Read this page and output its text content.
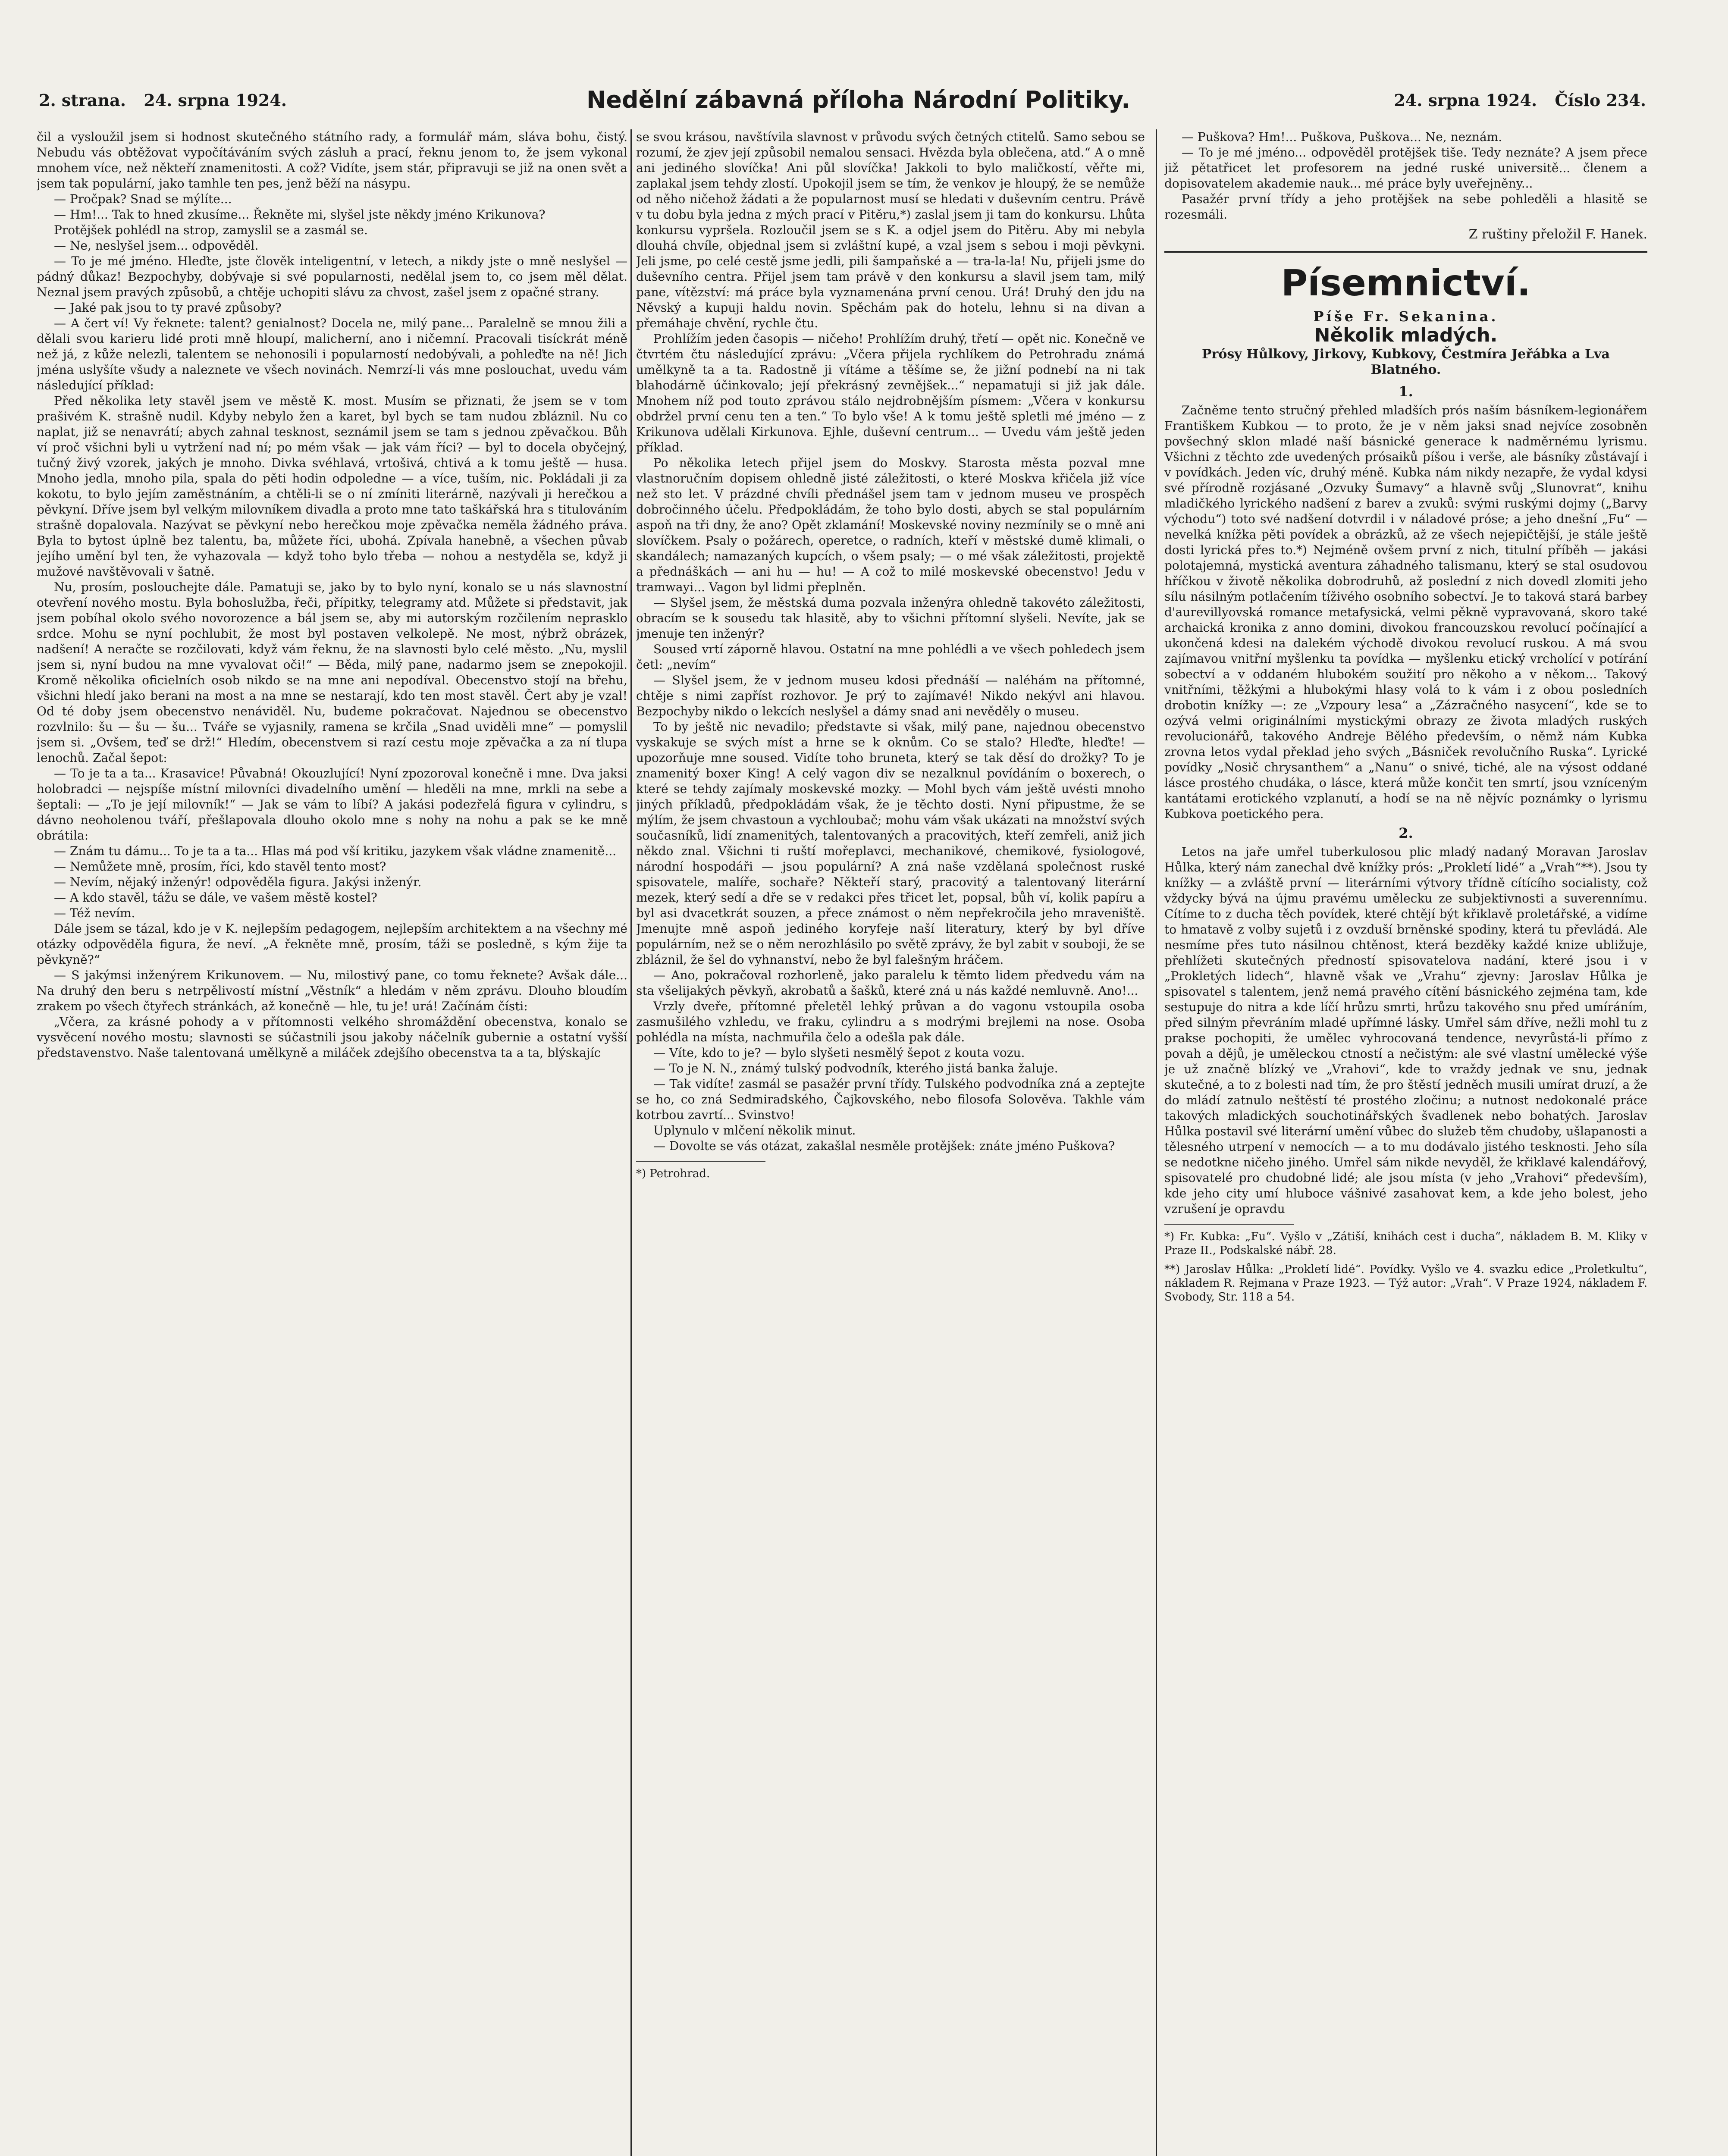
2. strana. 24. srpna 1924.	Nedělní zábavná příloha Národní Politiky.	24. srpna 1924. Číslo 234.

čil a vysloužil jsem si hodnost skutečného státního rady, a formulář mám, sláva bohu, čistý. Nebudu vás obtěžovat vypočítáváním svých zásluh a prací, řeknu jenom to, že jsem vykonal mnohem více, než někteří znamenitosti. A což? Vidíte, jsem stár, připravuji se již na onen svět a jsem tak populární, jako tamhle ten pes, jenž běží na násypu.

— Pročpak? Snad se mýlíte...

— Hm!... Tak to hned zkusíme... Řekněte mi, slyšel jste někdy jméno Krikunova?

Protějšek pohlédl na strop, zamyslil se a zasmál se.

— Ne, neslyšel jsem... odpověděl.

— To je mé jméno. Hleďte, jste člověk inteligentní, v letech, a nikdy jste o mně neslyšel — pádný důkaz! Bezpochyby, dobývaje si své popularnosti, nedělal jsem to, co jsem měl dělat. Neznal jsem pravých způsobů, a chtěje uchopiti slávu za chvost, zašel jsem z opačné strany.

— Jaké pak jsou to ty pravé způsoby?

— A čert ví! Vy řeknete: talent? genialnost? Docela ne, milý pane... Paralelně se mnou žili a dělali svou karieru lidé proti mně hloupí, malicherní, ano i ničemní. Pracovali tisíckrát méně než já, z kůže nelezli, talentem se nehonosili i popularností nedobývali, a pohleďte na ně! Jich jména uslyšíte všudy a naleznete ve všech novinách. Nemrzí-li vás mne poslouchat, uvedu vám následující příklad:

Před několika lety stavěl jsem ve městě K. most. Musím se přiznati, že jsem se v tom prašivém K. strašně nudil. Kdyby nebylo žen a karet, byl bych se tam nudou zbláznil. Nu co naplat, již se nenavrátí; abych zahnal tesknost, seznámil jsem se tam s jednou zpěvačkou. Bůh ví proč všichni byli u vytržení nad ní; po mém však — jak vám říci? — byl to docela obyčejný, tučný živý vzorek, jakých je mnoho. Divka svéhlavá, vrtošivá, chtivá a k tomu ještě — husa. Mnoho jedla, mnoho pila, spala do pěti hodin odpoledne — a více, tuším, nic. Pokládali ji za kokotu, to bylo jejím zaměstnáním, a chtěli-li se o ní zmíniti literárně, nazývali ji herečkou a pěvkyní. Dříve jsem byl velkým milovníkem divadla a proto mne tato taškářská hra s titulováním strašně dopalovala. Nazývat se pěvkyní nebo herečkou moje zpěvačka neměla žádného práva. Byla to bytost úplně bez talentu, ba, můžete říci, ubohá. Zpívala hanebně, a všechen půvab jejího umění byl ten, že vyhazovala — když toho bylo třeba — nohou a nestyděla se, když ji mužové navštěvovali v šatně.

Nu, prosím, poslouchejte dále. Pamatuji se, jako by to bylo nyní, konalo se u nás slavnostní otevření nového mostu. Byla bohoslužba, řeči, přípitky, telegramy atd. Můžete si představit, jak jsem pobíhal okolo svého novorozence a bál jsem se, aby mi autorským rozčilením neprasklo srdce. Mohu se nyní pochlubit, že most byl postaven velkolepě. Ne most, nýbrž obrázek, nadšení! A neračte se rozčilovati, když vám řeknu, že na slavnosti bylo celé město. „Nu, myslil jsem si, nyní budou na mne vyvalovat oči!“ — Běda, milý pane, nadarmo jsem se znepokojil. Kromě několika oficielních osob nikdo se na mne ani nepodíval. Obecenstvo stojí na břehu, všichni hledí jako berani na most a na mne se nestarají, kdo ten most stavěl. Čert aby je vzal! Od té doby jsem obecenstvo nenáviděl. Nu, budeme pokračovat. Najednou se obecenstvo rozvlnilo: šu — šu — šu... Tváře se vyjasnily, ramena se krčila „Snad uviděli mne“ — pomyslil jsem si. „Ovšem, teď se drž!“ Hledím, obecenstvem si razí cestu moje zpěvačka a za ní tlupa lenochů. Začal šepot:

— To je ta a ta... Krasavice! Půvabná! Okouzlující! Nyní zpozoroval konečně i mne. Dva jaksi holobradci — nejspíše místní milovníci divadelního umění — hleděli na mne, mrkli na sebe a šeptali: — „To je její milovník!“ — Jak se vám to líbí? A jakási podezřelá figura v cylindru, s dávno neoholenou tváří, přešlapovala dlouho okolo mne s nohy na nohu a pak se ke mně obrátila:

— Znám tu dámu... To je ta a ta... Hlas má pod vší kritiku, jazykem však vládne znamenitě...

— Nemůžete mně, prosím, říci, kdo stavěl tento most?

— Nevím, nějaký inženýr! odpověděla figura. Jakýsi inženýr.

— A kdo stavěl, tážu se dále, ve vašem městě kostel?

— Též nevím.

Dále jsem se tázal, kdo je v K. nejlepším pedagogem, nejlepším architektem a na všechny mé otázky odpověděla figura, že neví. „A řekněte mně, prosím, táži se posledně, s kým žije ta pěvkyně?“

— S jakýmsi inženýrem Krikunovem. — Nu, milostivý pane, co tomu řeknete? Avšak dále... Na druhý den beru s netrpělivostí místní „Věstník“ a hledám v něm zprávu. Dlouho bloudím zrakem po všech čtyřech stránkách, až konečně — hle, tu je! urá! Začínám čísti:

„Včera, za krásné pohody a v přítomnosti velkého shromáždění obecenstva, konalo se vysvěcení nového mostu; slavnosti se súčastnili jsou jakoby náčelník gubernie a ostatní vyšší představenstvo. Naše talentovaná umělkyně a miláček zdejšího obecenstva ta a ta, blýskajíc

se svou krásou, navštívila slavnost v průvodu svých četných ctitelů. Samo sebou se rozumí, že zjev její způsobil nemalou sensaci. Hvězda byla oblečena, atd.“ A o mně ani jediného slovíčka! Ani půl slovíčka! Jakkoli to bylo maličkostí, věřte mi, zaplakal jsem tehdy zlostí. Upokojil jsem se tím, že venkov je hloupý, že se nemůže od něho ničehož žádati a že popularnost musí se hledati v duševním centru. Právě v tu dobu byla jedna z mých prací v Pitěru,*) zaslal jsem ji tam do konkursu. Lhůta konkursu vypršela. Rozloučil jsem se s K. a odjel jsem do Pitěru. Aby mi nebyla dlouhá chvíle, objednal jsem si zvláštní kupé, a vzal jsem s sebou i moji pěvkyni. Jeli jsme, po celé cestě jsme jedli, pili šampaňské a — tra-la-la! Nu, přijeli jsme do duševního centra. Přijel jsem tam právě v den konkursu a slavil jsem tam, milý pane, vítězství: má práce byla vyznamenána první cenou. Urá! Druhý den jdu na Něvský a kupuji haldu novin. Spěchám pak do hotelu, lehnu si na divan a přemáhaje chvění, rychle čtu.

Prohlížím jeden časopis — ničeho! Prohlížím druhý, třetí — opět nic. Konečně ve čtvrtém čtu následující zprávu: „Včera přijela rychlíkem do Petrohradu známá umělkyně ta a ta. Radostně ji vítáme a těšíme se, že jižní podnebí na ni tak blahodárně účinkovalo; její překrásný zevnějšek...“ nepamatuji si již jak dále. Mnohem níž pod touto zprávou stálo nejdrobnějším písmem: „Včera v konkursu obdržel první cenu ten a ten.“ To bylo vše! A k tomu ještě spletli mé jméno — z Krikunova udělali Kirkunova. Ejhle, duševní centrum... — Uvedu vám ještě jeden příklad.

Po několika letech přijel jsem do Moskvy. Starosta města pozval mne vlastnoručním dopisem ohledně jisté záležitosti, o které Moskva křičela již více než sto let. V prázdné chvíli přednášel jsem tam v jednom museu ve prospěch dobročinného účelu. Předpokládám, že toho bylo dosti, abych se stal populárním aspoň na tři dny, že ano? Opět zklamání! Moskevské noviny nezmínily se o mně ani slovíčkem. Psaly o požárech, operetce, o radních, kteří v městské dumě klimali, o skandálech; namazaných kupcích, o všem psaly; — o mé však záležitosti, projektě a přednáškách — ani hu — hu! — A což to milé moskevské obecenstvo! Jedu v tramwayi... Vagon byl lidmi přeplněn.

— Slyšel jsem, že městská duma pozvala inženýra ohledně takovéto záležitosti, obracím se k sousedu tak hlasitě, aby to všichni přítomní slyšeli. Nevíte, jak se jmenuje ten inženýr?

Soused vrtí záporně hlavou. Ostatní na mne pohlédli a ve všech pohledech jsem četl: „nevím“

— Slyšel jsem, že v jednom museu kdosi přednáší — naléhám na přítomné, chtěje s nimi zapříst rozhovor. Je prý to zajímavé! Nikdo nekývl ani hlavou. Bezpochyby nikdo o lekcích neslyšel a dámy snad ani nevěděly o museu.

To by ještě nic nevadilo; představte si však, milý pane, najednou obecenstvo vyskakuje se svých míst a hrne se k oknům. Co se stalo? Hleďte, hleďte! — upozorňuje mne soused. Vidíte toho bruneta, který se tak děsí do drožky? To je znamenitý boxer King! A celý vagon div se nezalknul povídáním o boxerech, o které se tehdy zajímaly moskevské mozky. — Mohl bych vám ještě uvésti mnoho jiných příkladů, předpokládám však, že je těchto dosti. Nyní připustme, že se mýlím, že jsem chvastoun a vychloubač; mohu vám však ukázati na množství svých současníků, lidí znamenitých, talentovaných a pracovitých, kteří zemřeli, aniž jich někdo znal. Všichni ti ruští mořeplavci, mechanikové, chemikové, fysiologové, národní hospodáři — jsou populární? A zná naše vzdělaná společnost ruské spisovatele, malíře, sochaře? Někteří starý, pracovitý a talentovaný literární mezek, který sedí a dře se v redakci přes třicet let, popsal, bůh ví, kolik papíru a byl asi dvacetkrát souzen, a přece známost o něm nepřekročila jeho mraveniště. Jmenujte mně aspoň jediného koryfeje naší literatury, který by byl dříve populárním, než se o něm nerozhlásilo po světě zprávy, že byl zabit v souboji, že se zbláznil, že šel do vyhnanství, nebo že byl falešným hráčem.

— Ano, pokračoval rozhorleně, jako paralelu k těmto lidem předvedu vám na sta všelijakých pěvkyň, akrobatů a šašků, které zná u nás každé nemluvně. Ano!...

Vrzly dveře, přítomné přeletěl lehký průvan a do vagonu vstoupila osoba zasmušilého vzhledu, ve fraku, cylindru a s modrými brejlemi na nose. Osoba pohlédla na místa, nachmuřila čelo a odešla pak dále.

— Víte, kdo to je? — bylo slyšeti nesmělý šepot z kouta vozu.

— To je N. N., známý tulský podvodník, kterého jistá banka žaluje.

— Tak vidíte! zasmál se pasažér první třídy. Tulského podvodníka zná a zeptejte se ho, co zná Sedmiradského, Čajkovského, nebo filosofa Solověva. Takhle vám kotrbou zavrtí... Svinstvo!

Uplynulo v mlčení několik minut.

— Dovolte se vás otázat, zakašlal nesměle protějšek: znáte jméno Puškova?

*) Petrohrad.

— Puškova? Hm!... Puškova, Puškova... Ne, neznám.

— To je mé jméno... odpověděl protějšek tiše. Tedy neznáte? A jsem přece již pětatřicet let profesorem na jedné ruské universitě... členem a dopisovatelem akademie nauk... mé práce byly uveřejněny...

Pasažér první třídy a jeho protějšek na sebe pohleděli a hlasitě se rozesmáli.

Z ruštiny přeložil F. Hanek.
Písemnictví.
Píše Fr. Sekanina.
Několik mladých.
Prósy Hůlkovy, Jirkovy, Kubkovy, Čestmíra Jeřábka a Lva Blatného.
1.

Začněme tento stručný přehled mladších prós naším básníkem-legionářem Františkem Kubkou — to proto, že je v něm jaksi snad nejvíce zosobněn povšechný sklon mladé naší básnické generace k nadměrnému lyrismu. Všichni z těchto zde uvedených prósaiků píšou i verše, ale básníky zůstávají i v povídkách. Jeden víc, druhý méně. Kubka nám nikdy nezapře, že vydal kdysi své přírodně rozjásané „Ozvuky Šumavy“ a hlavně svůj „Slunovrat“, knihu mladičkého lyrického nadšení z barev a zvuků: svými ruskými dojmy („Barvy východu“) toto své nadšení dotvrdil i v náladové próse; a jeho dnešní „Fu“ — nevelká knížka pěti povídek a obrázků, až ze všech nejepičtější, je stále ještě dosti lyrická přes to.*) Nejméně ovšem první z nich, titulní příběh — jakási polotajemná, mystická aventura záhadného talismanu, který se stal osudovou hříčkou v životě několika dobrodruhů, až poslední z nich dovedl zlomiti jeho sílu násilným potlačením tíživého osobního sobectví. Je to taková stará barbey d'aurevillyovská romance metafysická, velmi pěkně vypravovaná, skoro také archaická kronika z anno domini, divokou francouzskou revolucí počínající a ukončená kdesi na dalekém východě divokou revolucí ruskou. A má svou zajímavou vnitřní myšlenku ta povídka — myšlenku etický vrcholící v potírání sobectví a v oddaném hlubokém soužití pro někoho a v někom... Takový vnitřními, těžkými a hlubokými hlasy volá to k vám i z obou posledních drobotin knížky —: ze „Vzpoury lesa“ a „Zázračného nasycení“, kde se to ozývá velmi originálními mystickými obrazy ze života mladých ruských revolucionářů, takového Andreje Bělého především, o němž nám Kubka zrovna letos vydal překlad jeho svých „Básniček revolučního Ruska“. Lyrické povídky „Nosič chrysanthem“ a „Nanu“ o snivé, tiché, ale na výsost oddané lásce prostého chudáka, o lásce, která může končit ten smrtí, jsou vzníceným kantátami erotického vzplanutí, a hodí se na ně nějvíc poznámky o lyrismu Kubkova poetického pera.

2.

Letos na jaře umřel tuberkulosou plic mladý nadaný Moravan Jaroslav Hůlka, který nám zanechal dvě knížky prós: „Prokletí lidé“ a „Vrah“**). Jsou ty knížky — a zvláště první — literárními výtvory třídně cítícího socialisty, což vždycky bývá na újmu pravému umělecku ze subjektivnosti a suverennímu. Cítíme to z ducha těch povídek, které chtějí být křiklavě proletářské, a vidíme to hmatavě z volby sujetů i z ovzduší brněnské spodiny, která tu převládá. Ale nesmíme přes tuto násilnou chtěnost, která bezděky každé knize ubližuje, přehlížeti skutečných předností spisovatelova nadání, které jsou i v „Prokletých lidech“, hlavně však ve „Vrahu“ zjevny: Jaroslav Hůlka je spisovatel s talentem, jenž nemá pravého cítění básnického zejména tam, kde sestupuje do nitra a kde líčí hrůzu smrti, hrůzu takového snu před umíráním, před silným převráním mladé upřímné lásky. Umřel sám dříve, nežli mohl tu z prakse pochopiti, že umělec vyhrocovaná tendence, nevyrůstá-li přímo z povah a dějů, je uměleckou ctností a nečistým: ale své vlastní umělecké výše je už značně blízký ve „Vrahovi“, kde to vraždy jednak ve snu, jednak skutečné, a to z bolesti nad tím, že pro štěstí jedněch musili umírat druzí, a že do mládí zatnulo neštěstí té prostého zločinu; a nutnost nedokonalé práce takových mladických souchotinářských švadlenek nebo bohatých. Jaroslav Hůlka postavil své literární umění vůbec do služeb těm chudoby, ušlapanosti a tělesného utrpení v nemocích — a to mu dodávalo jistého tesknosti. Jeho síla se nedotkne ničeho jiného. Umřel sám nikde nevyděl, že křiklavé kalendářový, spisovatelé pro chudobné lidé; ale jsou místa (v jeho „Vrahovi“ především), kde jeho city umí hluboce vášnivé zasahovat kem, a kde jeho bolest, jeho vzrušení je opravdu

*) Fr. Kubka: „Fu“. Vyšlo v „Zátiší, knihách cest i ducha“, nákladem B. M. Kliky v Praze II., Podskalské nábř. 28.
**) Jaroslav Hůlka: „Prokletí lidé“. Povídky. Vyšlo ve 4. svazku edice „Proletkultu“, nákladem R. Rejmana v Praze 1923. — Týž autor: „Vrah“. V Praze 1924, nákladem F. Svobody, Str. 118 a 54.
